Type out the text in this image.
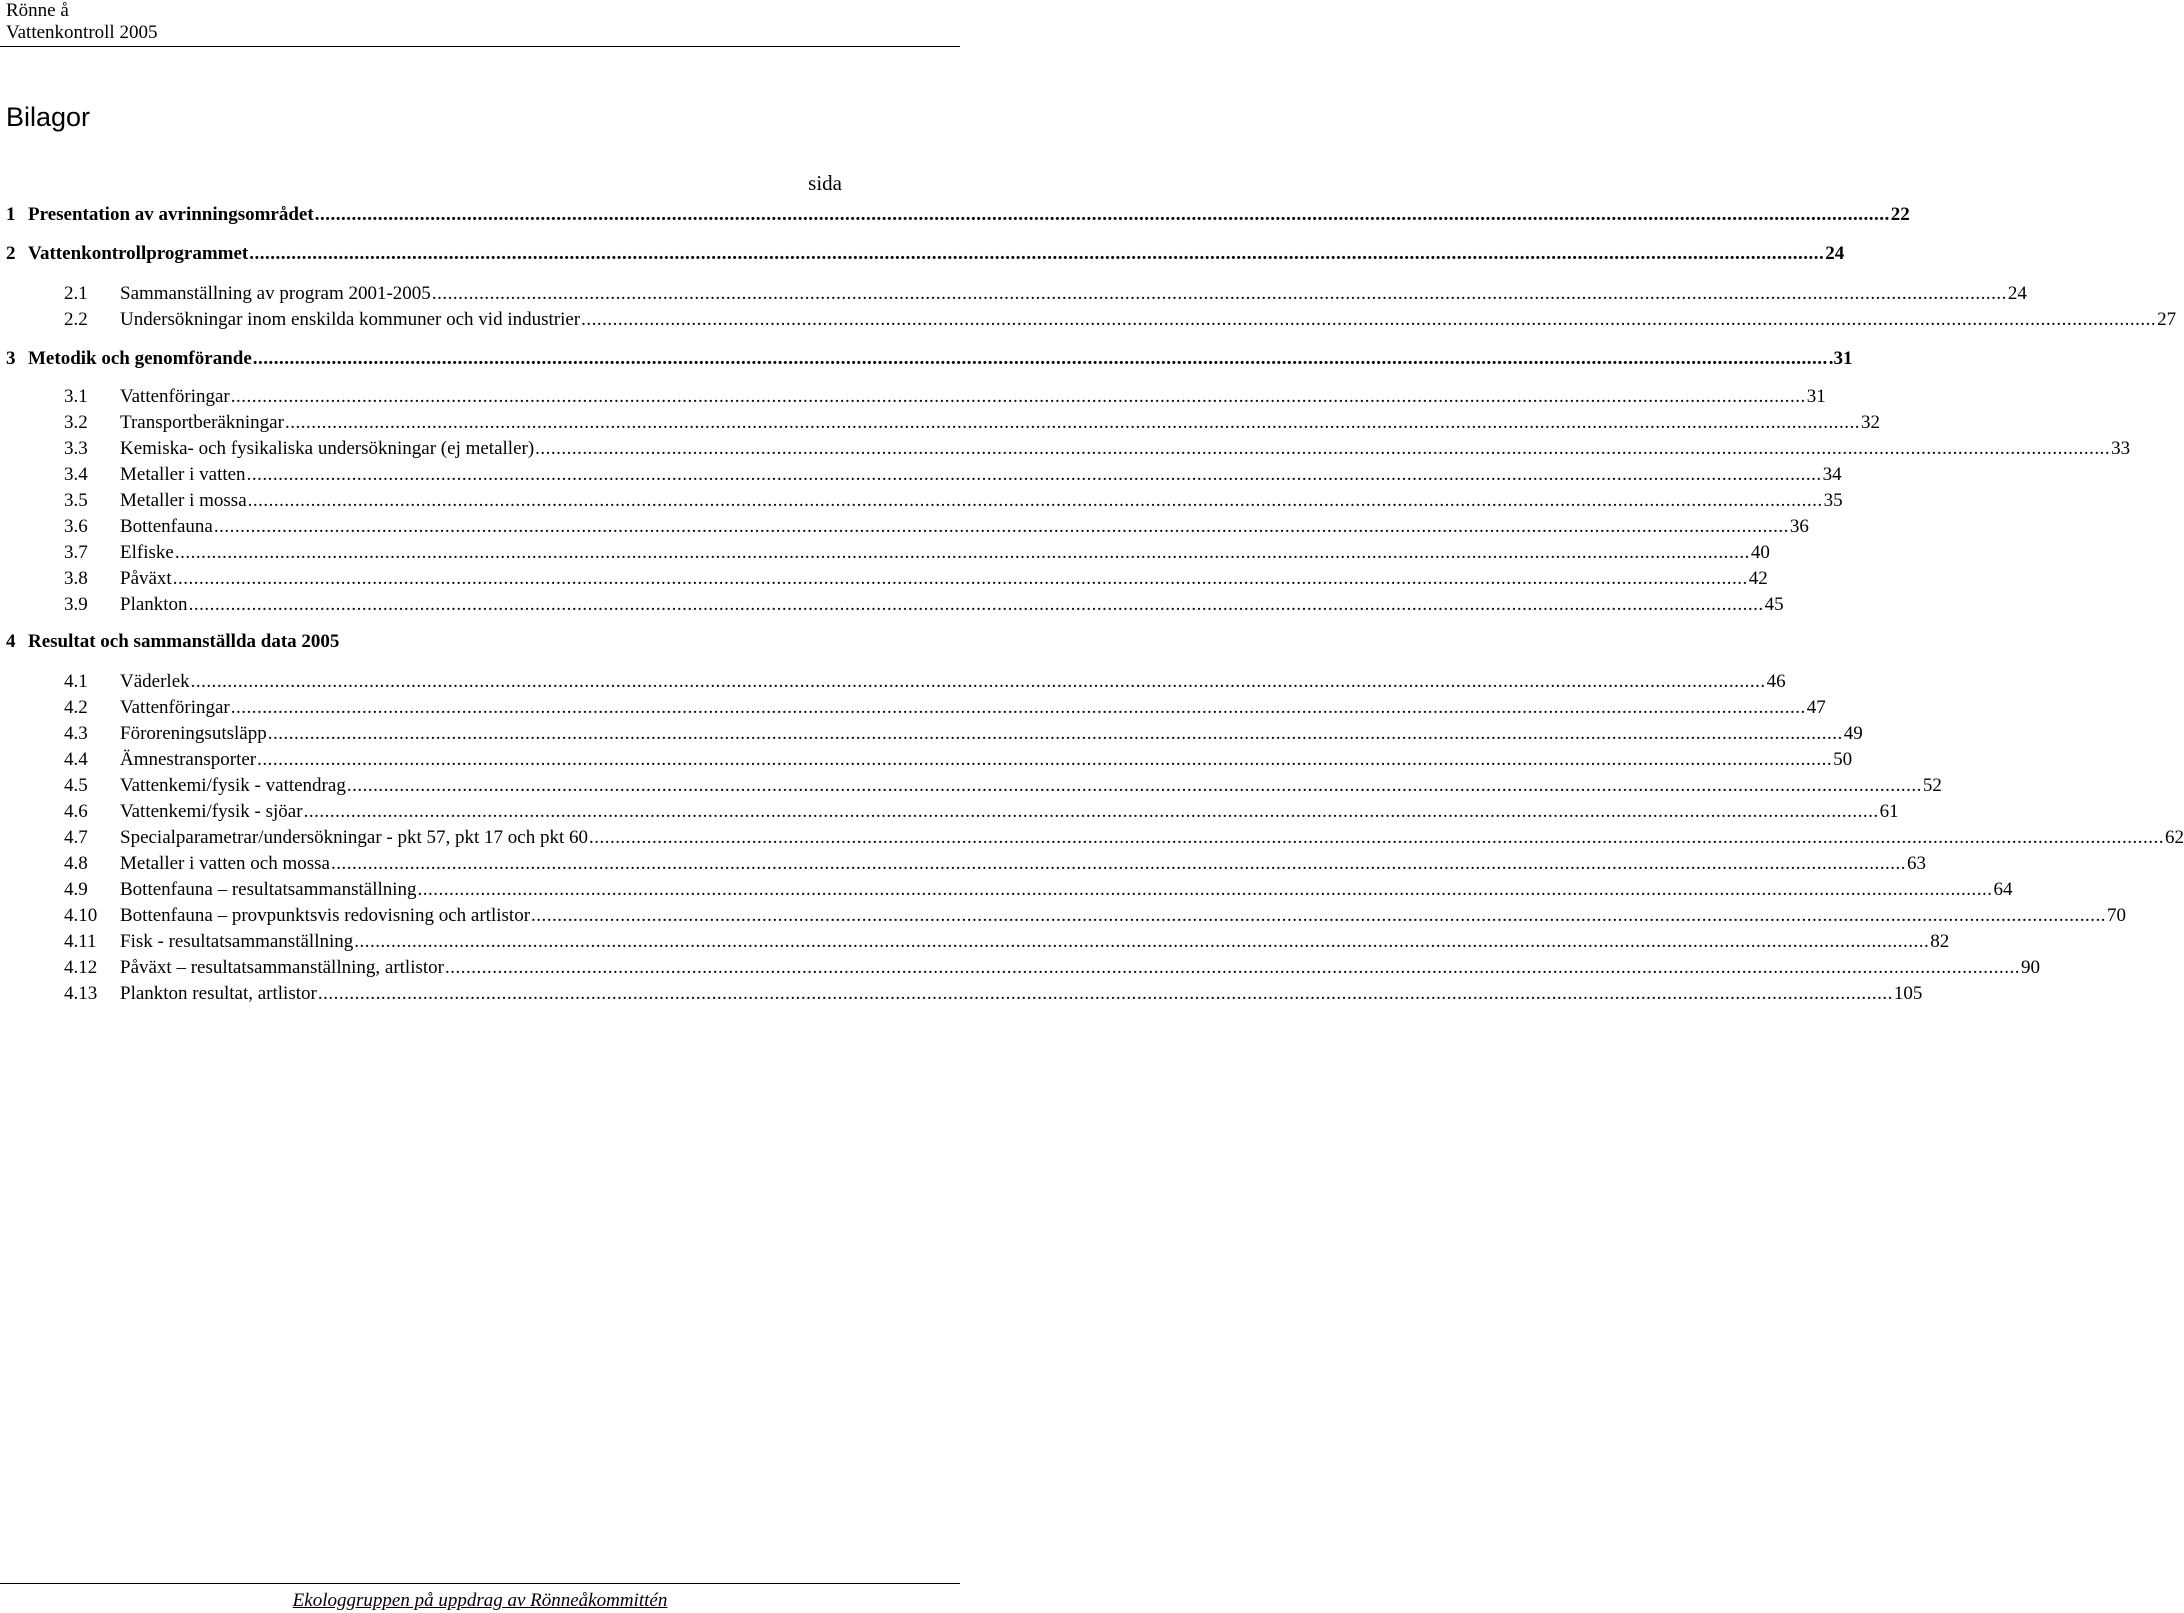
Rönne å
Vattenkontroll 2005
Bilagor
sida
1 Presentation av avrinningsområdet ............................................................................................................................................................................................................................................................................................................ 22
2 Vattenkontrollprogrammet ............................................................................................................................................................................................................................................................................................................ 24
2.1	Sammanställning av program 2001-2005 ............................................................................................................................................................................................................................................................................................................ 24
2.2	Undersökningar inom enskilda kommuner och vid industrier ............................................................................................................................................................................................................................................................................................................ 27
3 Metodik och genomförande ............................................................................................................................................................................................................................................................................................................ .31
3.1	Vattenföringar ............................................................................................................................................................................................................................................................................................................ 31
3.2	Transportberäkningar ............................................................................................................................................................................................................................................................................................................ 32
3.3	Kemiska- och fysikaliska undersökningar (ej metaller) ............................................................................................................................................................................................................................................................................................................ 33
3.4	Metaller i vatten ............................................................................................................................................................................................................................................................................................................ 34
3.5	Metaller i mossa ............................................................................................................................................................................................................................................................................................................ 35
3.6	Bottenfauna ............................................................................................................................................................................................................................................................................................................ 36
3.7	Elfiske ............................................................................................................................................................................................................................................................................................................ 40
3.8	Påväxt ............................................................................................................................................................................................................................................................................................................ 42
3.9	Plankton ............................................................................................................................................................................................................................................................................................................ 45
4 Resultat och sammanställda data 2005
4.1	Väderlek ............................................................................................................................................................................................................................................................................................................ 46
4.2	Vattenföringar ............................................................................................................................................................................................................................................................................................................ 47
4.3	Föroreningsutsläpp ............................................................................................................................................................................................................................................................................................................ 49
4.4	Ämnestransporter ............................................................................................................................................................................................................................................................................................................ 50
4.5	Vattenkemi/fysik - vattendrag ............................................................................................................................................................................................................................................................................................................ 52
4.6	Vattenkemi/fysik - sjöar ............................................................................................................................................................................................................................................................................................................ 61
4.7	Specialparametrar/undersökningar - pkt 57, pkt 17 och pkt 60 ............................................................................................................................................................................................................................................................................................................ 62
4.8	Metaller i vatten och mossa ............................................................................................................................................................................................................................................................................................................ 63
4.9	Bottenfauna – resultatsammanställning ............................................................................................................................................................................................................................................................................................................ 64
4.10	Bottenfauna – provpunktsvis redovisning och artlistor ............................................................................................................................................................................................................................................................................................................ 70
4.11	Fisk - resultatsammanställning ............................................................................................................................................................................................................................................................................................................ 82
4.12	Påväxt – resultatsammanställning, artlistor ............................................................................................................................................................................................................................................................................................................ 90
4.13	Plankton resultat, artlistor ............................................................................................................................................................................................................................................................................................................ 105
Ekologgruppen på uppdrag av Rönneåkommittén
